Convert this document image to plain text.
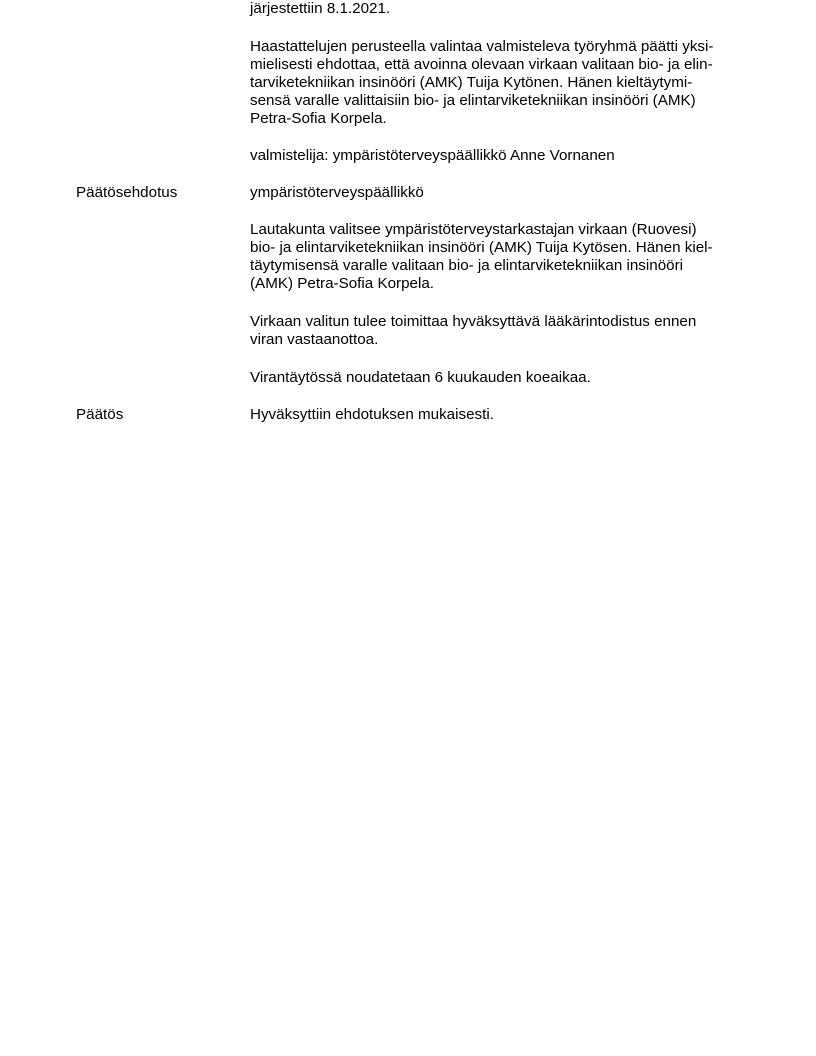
järjestettiin 8.1.2021.
Haastattelujen perusteella valintaa valmisteleva työryhmä päätti yksi-
mielisesti ehdottaa, että avoinna olevaan virkaan valitaan bio- ja elin-
tarviketekniikan insinööri (AMK) Tuija Kytönen. Hänen kieltäytymi-
sensä varalle valittaisiin bio- ja elintarviketekniikan insinööri (AMK)
Petra-Sofia Korpela.
valmistelija: ympäristöterveyspäällikkö Anne Vornanen
Päätösehdotus	ympäristöterveyspäällikkö
Lautakunta valitsee ympäristöterveystarkastajan virkaan (Ruovesi)
bio- ja elintarviketekniikan insinööri (AMK) Tuija Kytösen. Hänen kiel-
täytymisensä varalle valitaan bio- ja elintarviketekniikan insinööri
(AMK) Petra-Sofia Korpela.
Virkaan valitun tulee toimittaa hyväksyttävä lääkärintodistus ennen
viran vastaanottoa.
Virantäytössä noudatetaan 6 kuukauden koeaikaa.
Päätös	Hyväksyttiin ehdotuksen mukaisesti.
